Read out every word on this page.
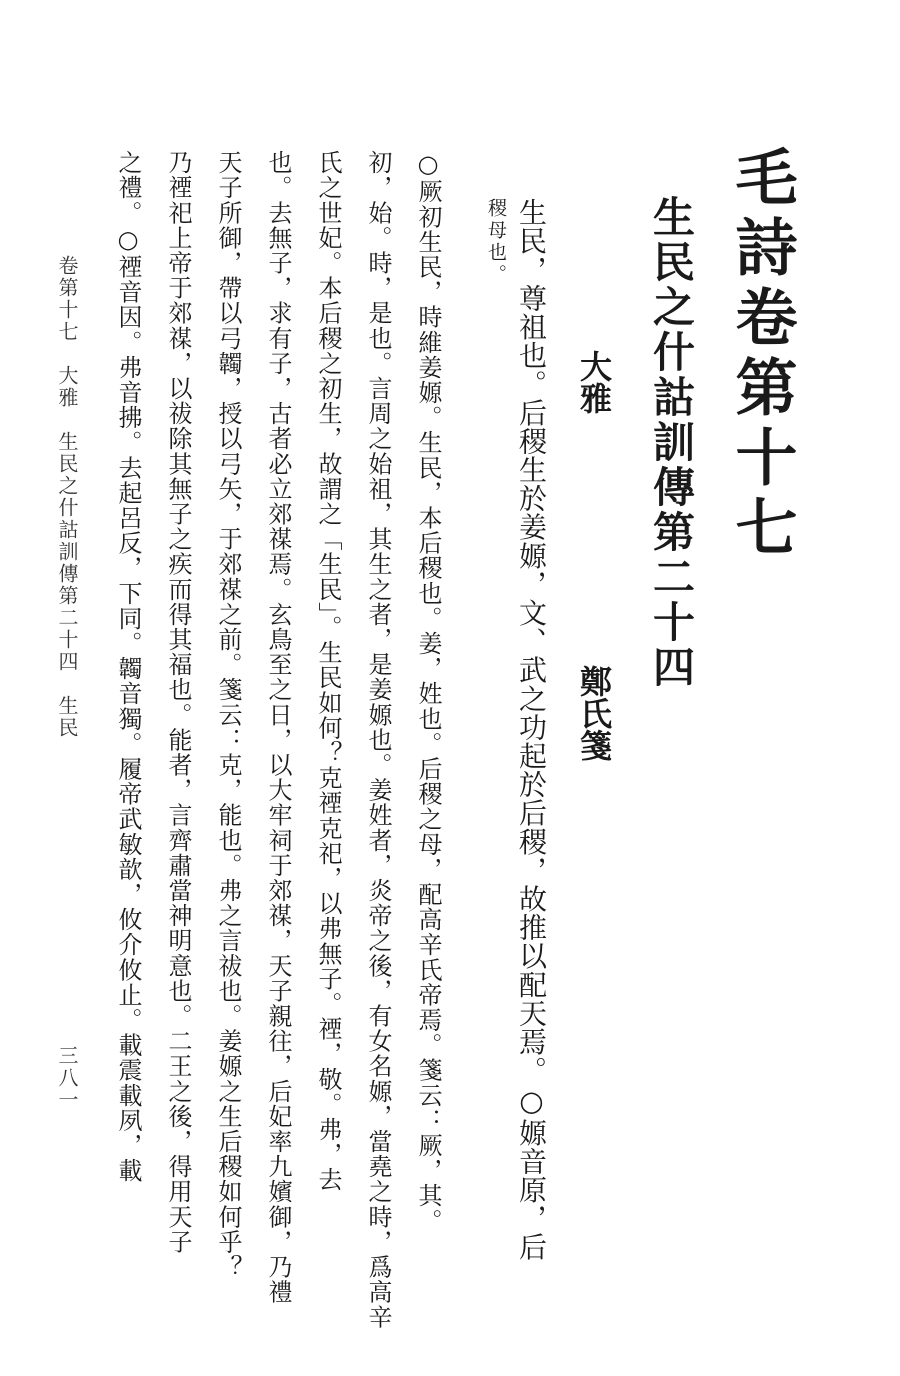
毛詩卷第十七
生民之什詁訓傳第二十四
大雅
鄭氏箋
生民，尊祖也。后稷生於姜嫄，文、武之功起於后稷，故推以配天焉。○嫄音原，后
稷母也。
○厥初生民，時維姜嫄。生民，本后稷也。姜，姓也。后稷之母，配高辛氏帝焉。箋云：厥，其。
初，始。時，是也。言周之始祖，其生之者，是姜嫄也。姜姓者，炎帝之後，有女名嫄，當堯之時，爲高辛
氏之世妃。本后稷之初生，故謂之「生民」。生民如何？克禋克祀，以弗無子。禋，敬。弗，去
也。去無子，求有子，古者必立郊禖焉。玄鳥至之日，以大牢祠于郊禖，天子親往，后妃率九嬪御，乃禮
天子所御，帶以弓韣，授以弓矢，于郊禖之前。箋云：克，能也。弗之言祓也。姜嫄之生后稷如何乎？
乃禋祀上帝于郊禖，以祓除其無子之疾而得其福也。能者，言齊肅當神明意也。二王之後，得用天子
之禮。○禋音因。弗音拂。去起呂反，下同。韣音獨。履帝武敏歆，攸介攸止。載震載夙，載
卷第十七　大雅　生民之什詁訓傳第二十四　生民
三八一
